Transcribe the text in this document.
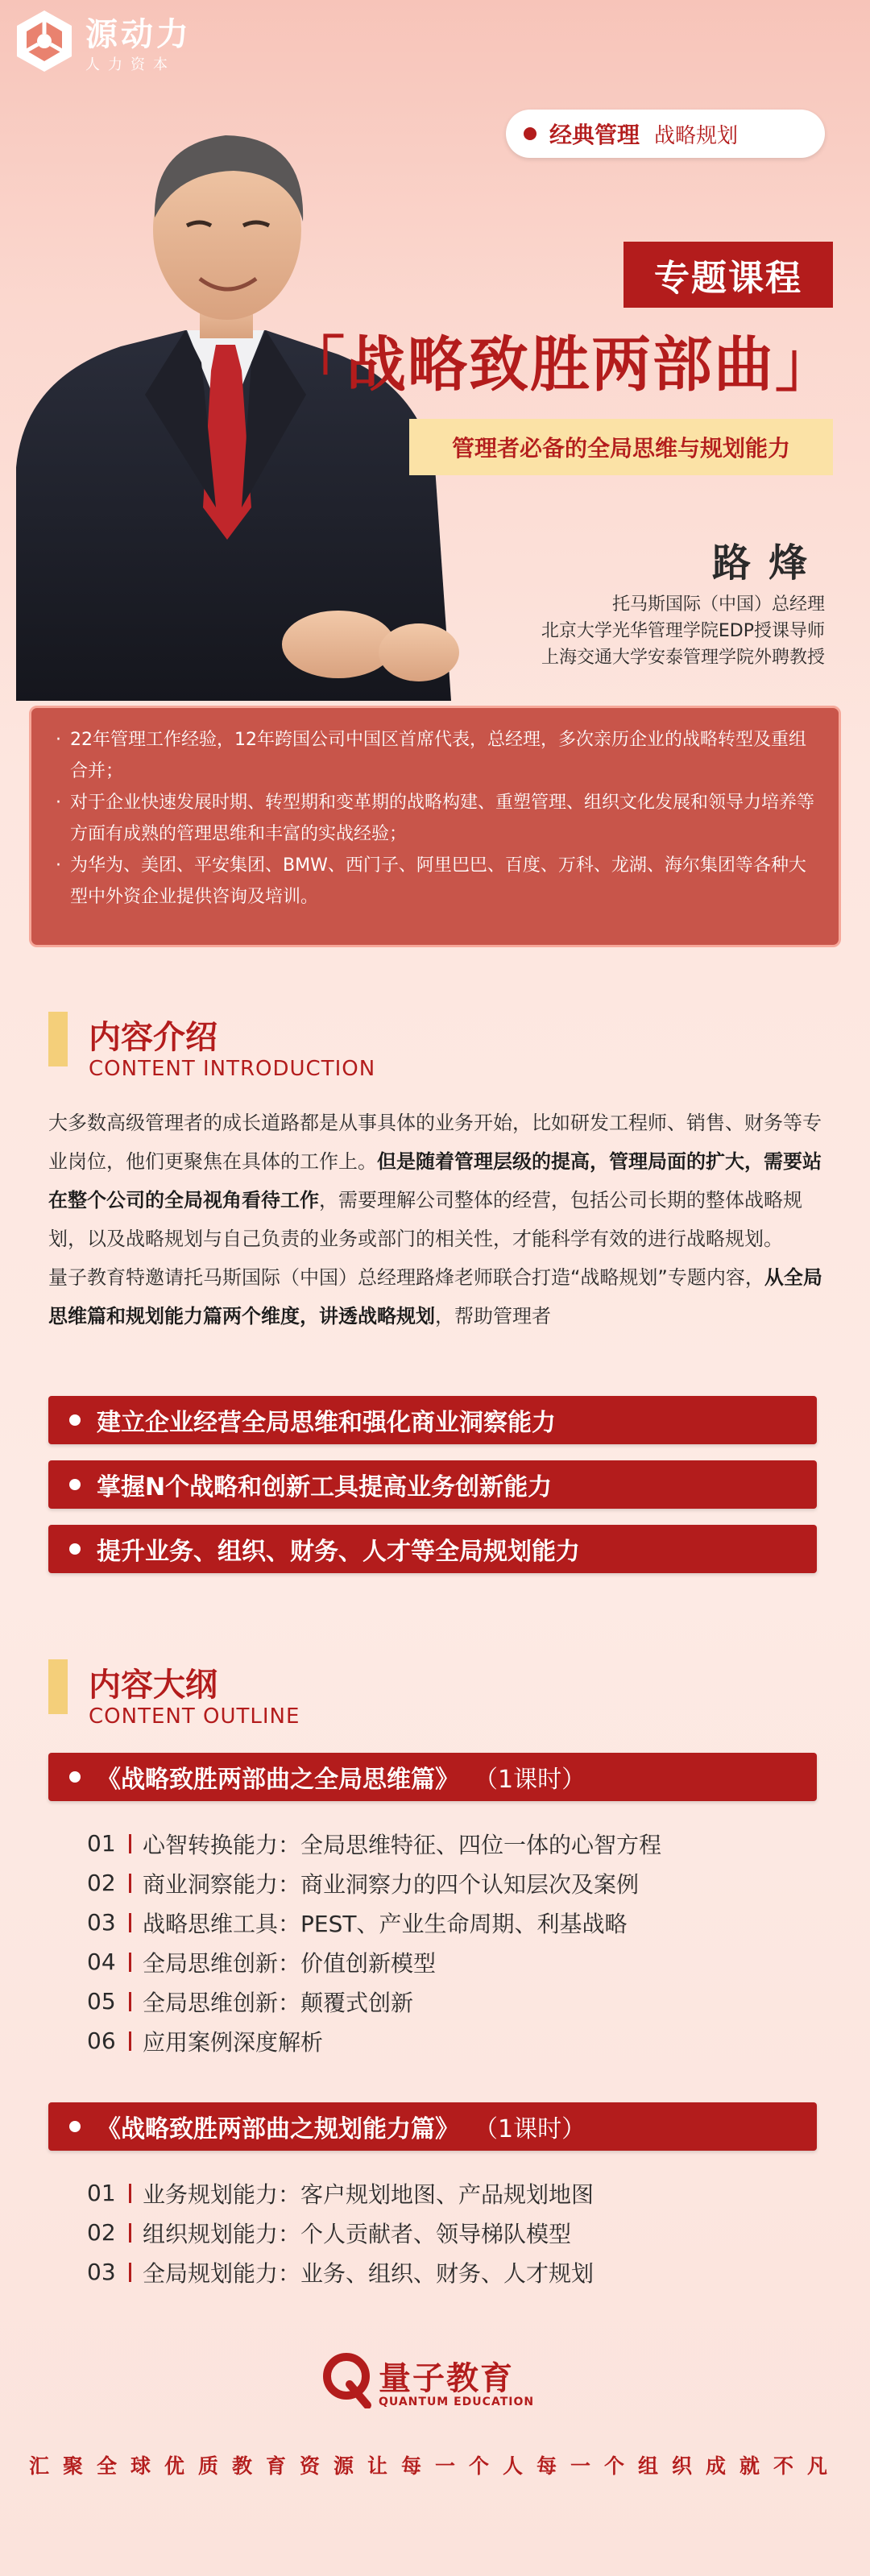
源动力
人力资本
经典管理 战略规划
专题课程
「战略致胜两部曲」
管理者必备的全局思维与规划能力
路烽
托马斯国际（中国）总经理
北京大学光华管理学院EDP授课导师
上海交通大学安泰管理学院外聘教授
· 22年管理工作经验，12年跨国公司中国区首席代表，总经理，多次亲历企业的战略转型及重组合并；
· 对于企业快速发展时期、转型期和变革期的战略构建、重塑管理、组织文化发展和领导力培养等方面有成熟的管理思维和丰富的实战经验；
· 为华为、美团、平安集团、BMW、西门子、阿里巴巴、百度、万科、龙湖、海尔集团等各种大型中外资企业提供咨询及培训。
内容介绍
CONTENT INTRODUCTION

大多数高级管理者的成长道路都是从事具体的业务开始，比如研发工程师、销售、财务等专业岗位，他们更聚焦在具体的工作上。但是随着管理层级的提高，管理局面的扩大，需要站在整个公司的全局视角看待工作，需要理解公司整体的经营，包括公司长期的整体战略规划，以及战略规划与自己负责的业务或部门的相关性，才能科学有效的进行战略规划。

量子教育特邀请托马斯国际（中国）总经理路烽老师联合打造“战略规划”专题内容，从全局思维篇和规划能力篇两个维度，讲透战略规划，帮助管理者

建立企业经营全局思维和强化商业洞察能力
掌握N个战略和创新工具提高业务创新能力
提升业务、组织、财务、人才等全局规划能力
内容大纲
CONTENT OUTLINE
《战略致胜两部曲之全局思维篇》 （1课时）
01 心智转换能力：全局思维特征、四位一体的心智方程
02 商业洞察能力：商业洞察力的四个认知层次及案例
03 战略思维工具：PEST、产业生命周期、利基战略
04 全局思维创新：价值创新模型
05 全局思维创新：颠覆式创新
06 应用案例深度解析
《战略致胜两部曲之规划能力篇》 （1课时）
01 业务规划能力：客户规划地图、产品规划地图
02 组织规划能力：个人贡献者、领导梯队模型
03 全局规划能力：业务、组织、财务、人才规划
量子教育
QUANTUM EDUCATION
汇聚全球优质教育资源让每一个人每一个组织成就不凡
